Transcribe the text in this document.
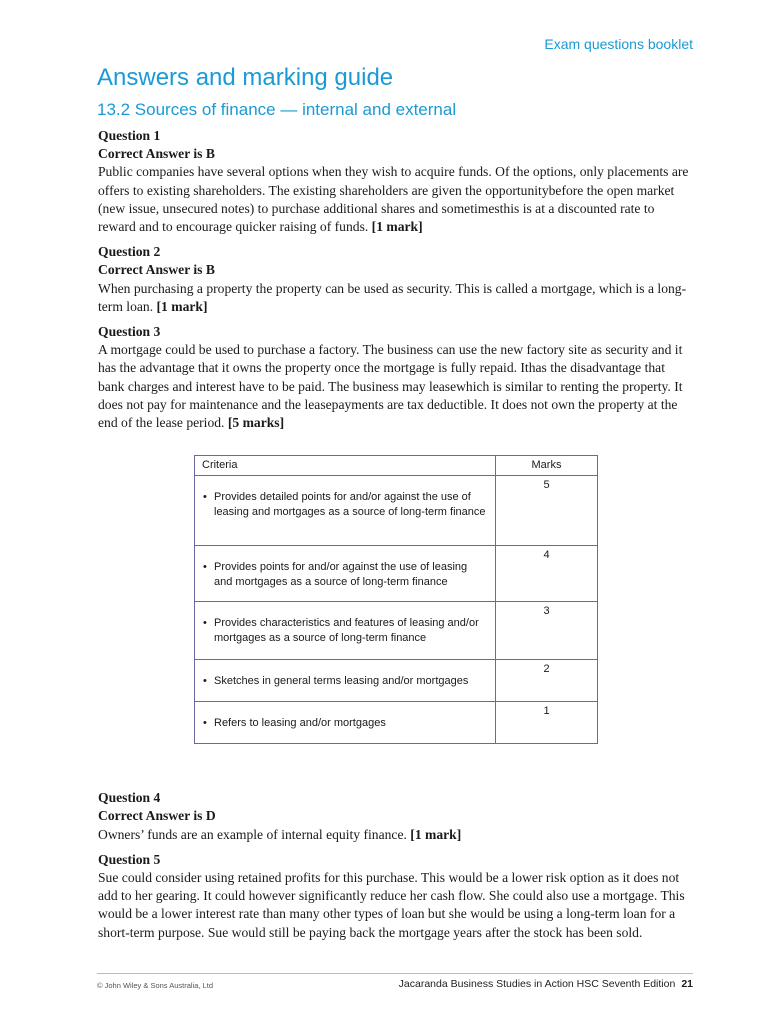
Exam questions booklet
Answers and marking guide
13.2 Sources of finance — internal and external

Question 1

Correct Answer is B

Public companies have several options when they wish to acquire funds. Of the options, only placements are offers to existing shareholders. The existing shareholders are given the opportunitybefore the open market (new issue, unsecured notes) to purchase additional shares and sometimesthis is at a discounted rate to reward and to encourage quicker raising of funds. [1 mark]

Question 2

Correct Answer is B

When purchasing a property the property can be used as security. This is called a mortgage, which is a long-term loan. [1 mark]

Question 3

A mortgage could be used to purchase a factory. The business can use the new factory site as security and it has the advantage that it owns the property once the mortgage is fully repaid. Ithas the disadvantage that bank charges and interest have to be paid. The business may leasewhich is similar to renting the property. It does not pay for maintenance and the leasepayments are tax deductible. It does not own the property at the end of the lease period. [5 marks]

Criteria	Marks

• Provides detailed points for and/or against the use of leasing and mortgages as a source of long-term finance	5

• Provides points for and/or against the use of leasing and mortgages as a source of long-term finance	4

• Provides characteristics and features of leasing and/or mortgages as a source of long-term finance	3

• Sketches in general terms leasing and/or mortgages	2

• Refers to leasing and/or mortgages	1

Question 4

Correct Answer is D

Owners’ funds are an example of internal equity finance. [1 mark]

Question 5

Sue could consider using retained profits for this purchase. This would be a lower risk option as it does not add to her gearing. It could however significantly reduce her cash flow. She could also use a mortgage. This would be a lower interest rate than many other types of loan but she would be using a long-term loan for a short-term purpose. Sue would still be paying back the mortgage years after the stock has been sold.

© John Wiley & Sons Australia, Ltd	Jacaranda Business Studies in Action HSC Seventh Edition 21
